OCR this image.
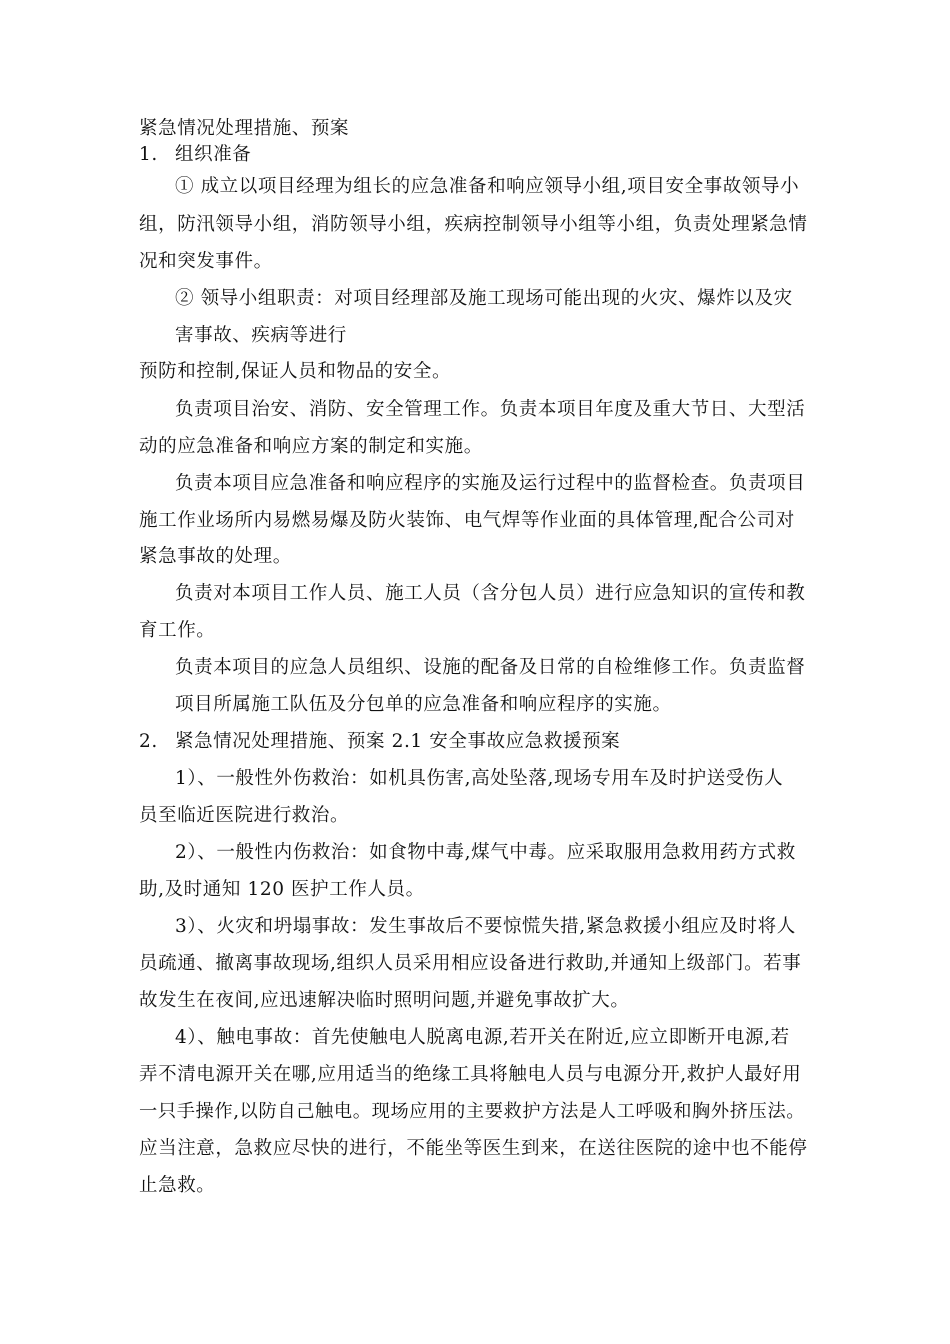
紧急情况处理措施、预案
1. 组织准备
① 成立以项目经理为组长的应急准备和响应领导小组,项目安全事故领导小
组，防汛领导小组，消防领导小组，疾病控制领导小组等小组，负责处理紧急情
况和突发事件。
② 领导小组职责：对项目经理部及施工现场可能出现的火灾、爆炸以及灾
害事故、疾病等进行
预防和控制,保证人员和物品的安全。
负责项目治安、消防、安全管理工作。负责本项目年度及重大节日、大型活
动的应急准备和响应方案的制定和实施。
负责本项目应急准备和响应程序的实施及运行过程中的监督检查。负责项目
施工作业场所内易燃易爆及防火装饰、电气焊等作业面的具体管理,配合公司对
紧急事故的处理。
负责对本项目工作人员、施工人员（含分包人员）进行应急知识的宣传和教
育工作。
负责本项目的应急人员组织、设施的配备及日常的自检维修工作。负责监督
项目所属施工队伍及分包单的应急准备和响应程序的实施。
2. 紧急情况处理措施、预案 2.1 安全事故应急救援预案
1）、一般性外伤救治：如机具伤害,高处坠落,现场专用车及时护送受伤人
员至临近医院进行救治。
2）、一般性内伤救治：如食物中毒,煤气中毒。应采取服用急救用药方式救
助,及时通知 120 医护工作人员。
3）、火灾和坍塌事故：发生事故后不要惊慌失措,紧急救援小组应及时将人
员疏通、撤离事故现场,组织人员采用相应设备进行救助,并通知上级部门。若事
故发生在夜间,应迅速解决临时照明问题,并避免事故扩大。
4）、触电事故：首先使触电人脱离电源,若开关在附近,应立即断开电源,若
弄不清电源开关在哪,应用适当的绝缘工具将触电人员与电源分开,救护人最好用
一只手操作,以防自己触电。现场应用的主要救护方法是人工呼吸和胸外挤压法。
应当注意，急救应尽快的进行，不能坐等医生到来，在送往医院的途中也不能停
止急救。
